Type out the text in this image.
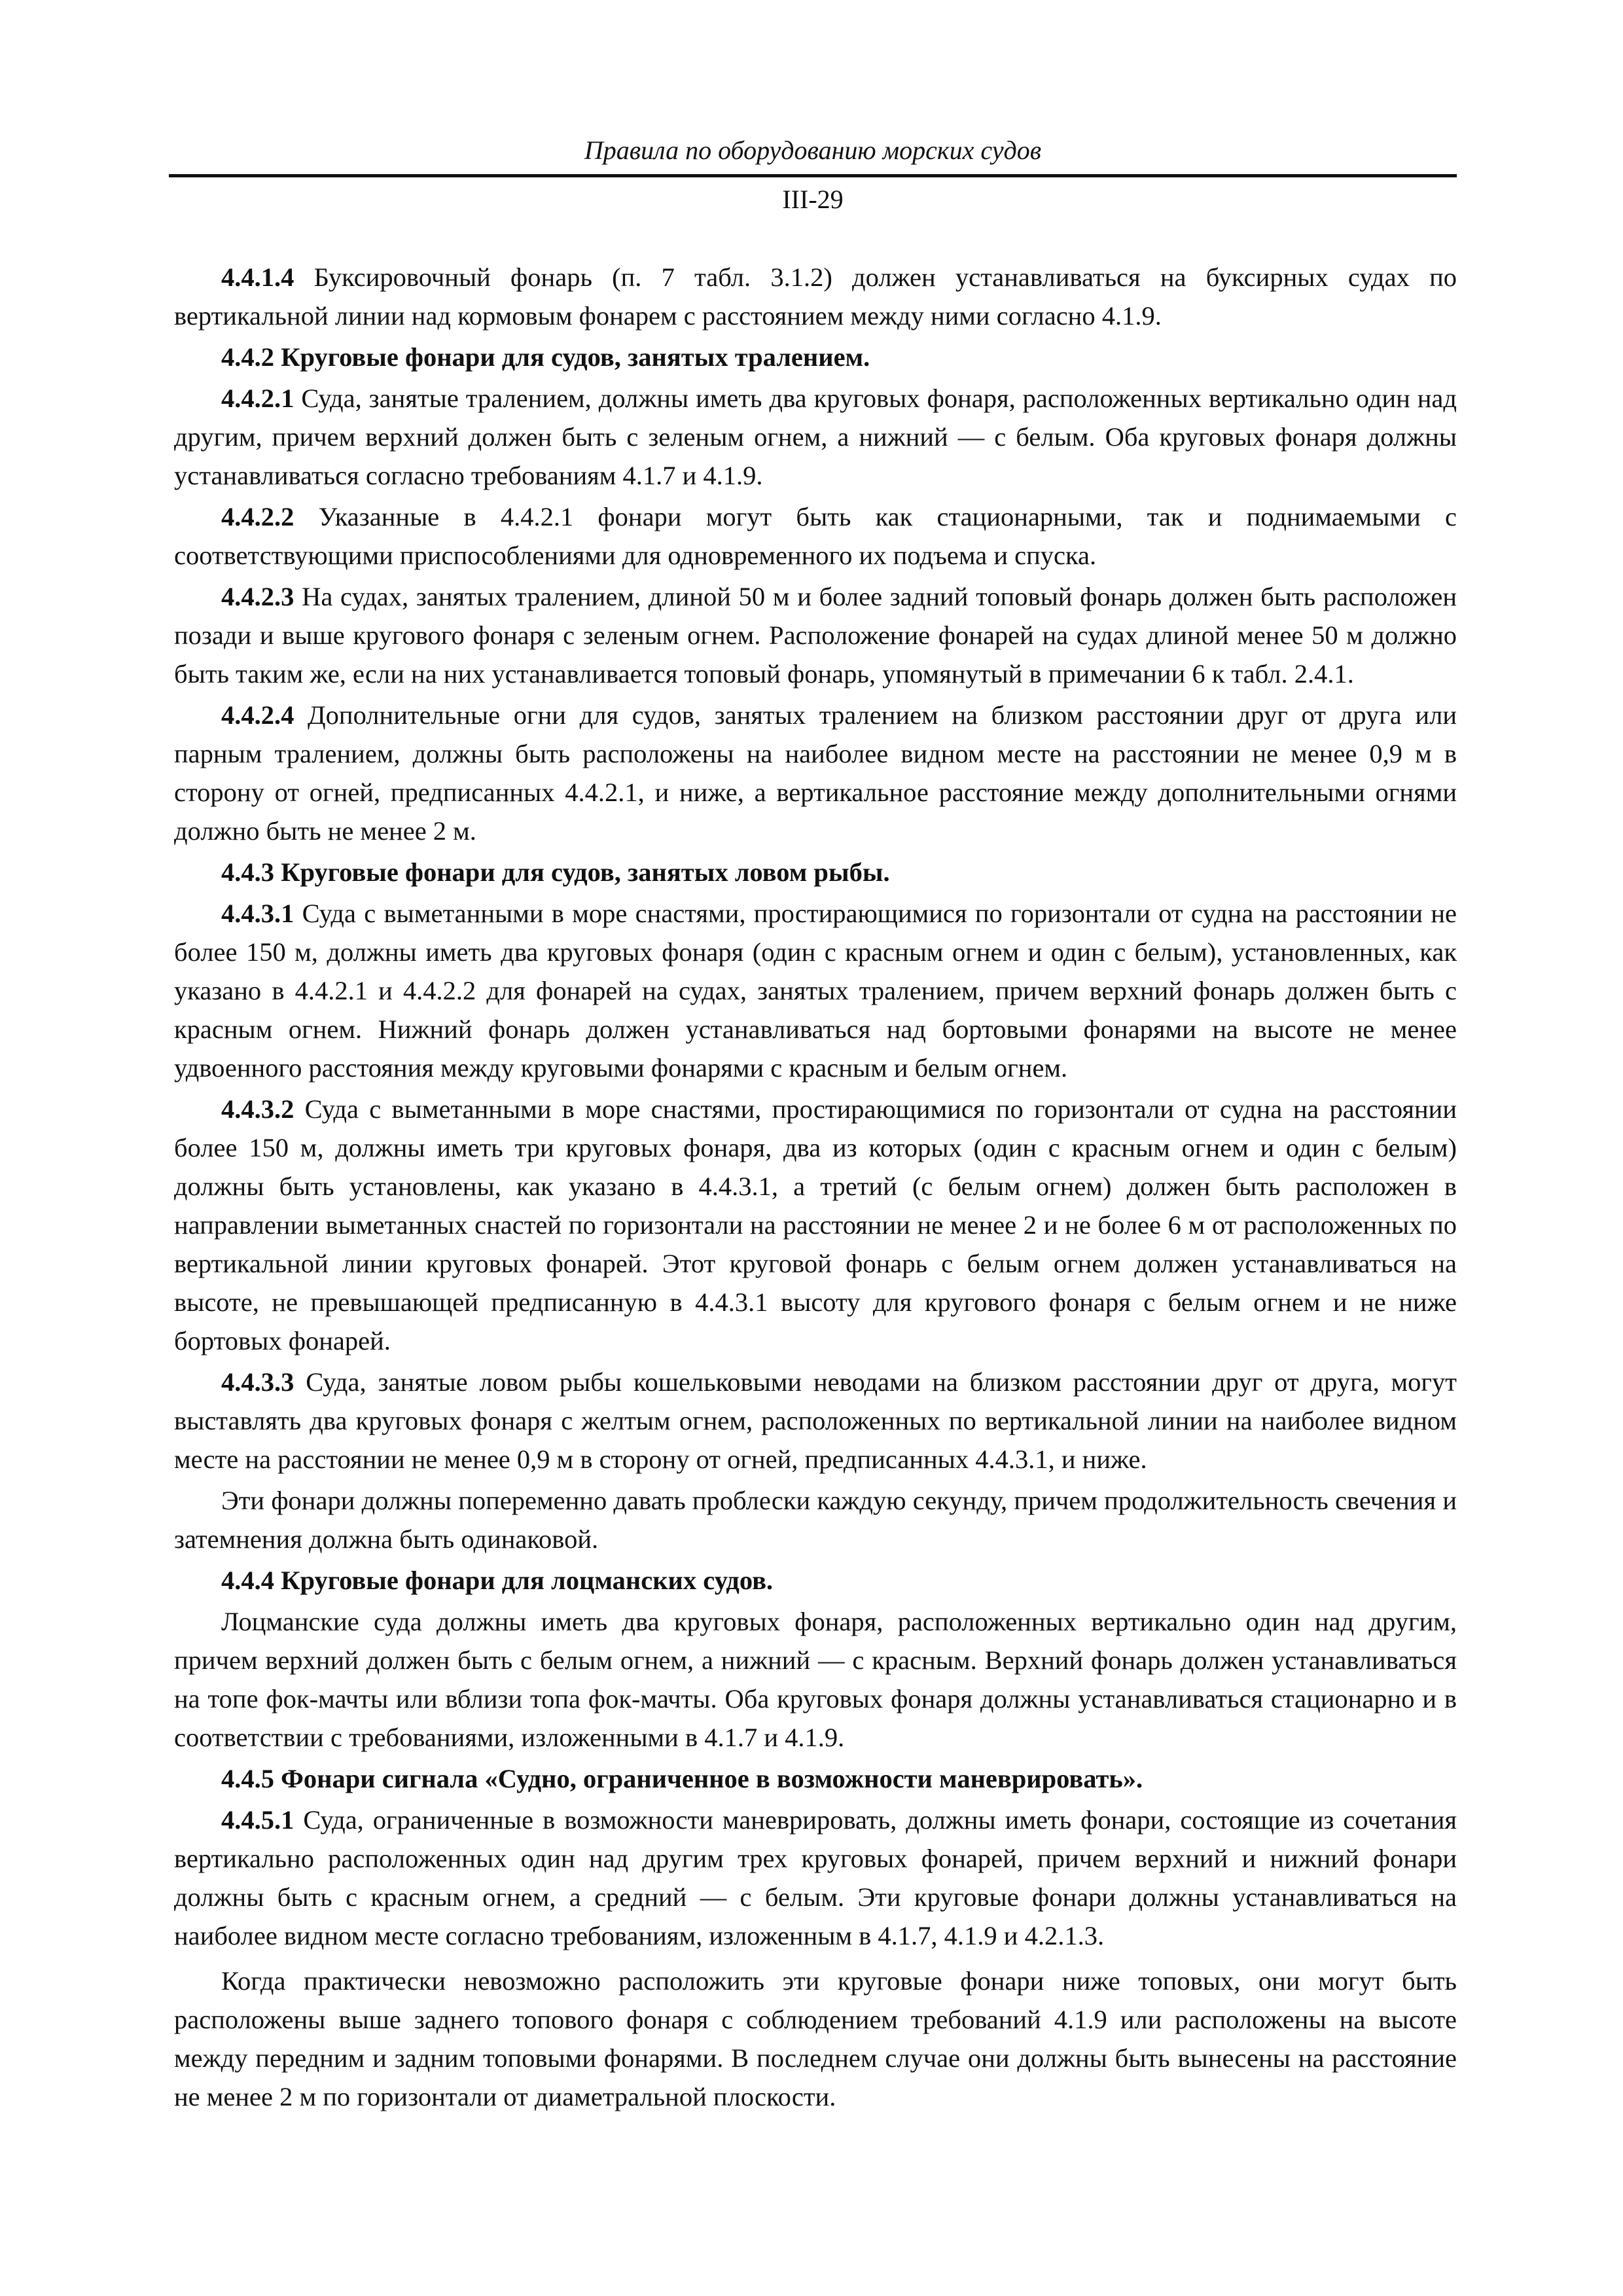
Правила по оборудованию морских судов
III-29

4.4.1.4 Буксировочный фонарь (п. 7 табл. 3.1.2) должен устанавливаться на буксирных судах по вертикальной линии над кормовым фонарем с расстоянием между ними согласно 4.1.9.

4.4.2 Круговые фонари для судов, занятых тралением.

4.4.2.1 Суда, занятые тралением, должны иметь два круговых фонаря, расположенных вертикально один над другим, причем верхний должен быть с зеленым огнем, а нижний — с белым. Оба круговых фонаря должны устанавливаться согласно требованиям 4.1.7 и 4.1.9.

4.4.2.2 Указанные в 4.4.2.1 фонари могут быть как стационарными, так и поднимаемыми с соответствующими приспособлениями для одновременного их подъема и спуска.

4.4.2.3 На судах, занятых тралением, длиной 50 м и более задний топовый фонарь должен быть расположен позади и выше кругового фонаря с зеленым огнем. Расположение фонарей на судах длиной менее 50 м должно быть таким же, если на них устанавливается топовый фонарь, упомянутый в примечании 6 к табл. 2.4.1.

4.4.2.4 Дополнительные огни для судов, занятых тралением на близком расстоянии друг от друга или парным тралением, должны быть расположены на наиболее видном месте на расстоянии не менее 0,9 м в сторону от огней, предписанных 4.4.2.1, и ниже, а вертикальное расстояние между дополнительными огнями должно быть не менее 2 м.

4.4.3 Круговые фонари для судов, занятых ловом рыбы.

4.4.3.1 Суда с выметанными в море снастями, простирающимися по горизонтали от судна на расстоянии не более 150 м, должны иметь два круговых фонаря (один с красным огнем и один с белым), установленных, как указано в 4.4.2.1 и 4.4.2.2 для фонарей на судах, занятых тралением, причем верхний фонарь должен быть с красным огнем. Нижний фонарь должен устанавливаться над бортовыми фонарями на высоте не менее удвоенного расстояния между круговыми фонарями с красным и белым огнем.

4.4.3.2 Суда с выметанными в море снастями, простирающимися по горизонтали от судна на расстоянии более 150 м, должны иметь три круговых фонаря, два из которых (один с красным огнем и один с белым) должны быть установлены, как указано в 4.4.3.1, а третий (с белым огнем) должен быть расположен в направлении выметанных снастей по горизонтали на расстоянии не менее 2 и не более 6 м от расположенных по вертикальной линии круговых фонарей. Этот круговой фонарь с белым огнем должен устанавливаться на высоте, не превышающей предписанную в 4.4.3.1 высоту для кругового фонаря с белым огнем и не ниже бортовых фонарей.

4.4.3.3 Суда, занятые ловом рыбы кошельковыми неводами на близком расстоянии друг от друга, могут выставлять два круговых фонаря с желтым огнем, расположенных по вертикальной линии на наиболее видном месте на расстоянии не менее 0,9 м в сторону от огней, предписанных 4.4.3.1, и ниже.

Эти фонари должны попеременно давать проблески каждую секунду, причем продолжительность свечения и затемнения должна быть одинаковой.

4.4.4 Круговые фонари для лоцманских судов.

Лоцманские суда должны иметь два круговых фонаря, расположенных вертикально один над другим, причем верхний должен быть с белым огнем, а нижний — с красным. Верхний фонарь должен устанавливаться на топе фок-мачты или вблизи топа фок-мачты. Оба круговых фонаря должны устанавливаться стационарно и в соответствии с требованиями, изложенными в 4.1.7 и 4.1.9.

4.4.5 Фонари сигнала «Судно, ограниченное в возможности маневрировать».

4.4.5.1 Суда, ограниченные в возможности маневрировать, должны иметь фонари, состоящие из сочетания вертикально расположенных один над другим трех круговых фонарей, причем верхний и нижний фонари должны быть с красным огнем, а средний — с белым. Эти круговые фонари должны устанавливаться на наиболее видном месте согласно требованиям, изложенным в 4.1.7, 4.1.9 и 4.2.1.3.

Когда практически невозможно расположить эти круговые фонари ниже топовых, они могут быть расположены выше заднего топового фонаря с соблюдением требований 4.1.9 или расположены на высоте между передним и задним топовыми фонарями. В последнем случае они должны быть вынесены на расстояние не менее 2 м по горизонтали от диаметральной плоскости.
